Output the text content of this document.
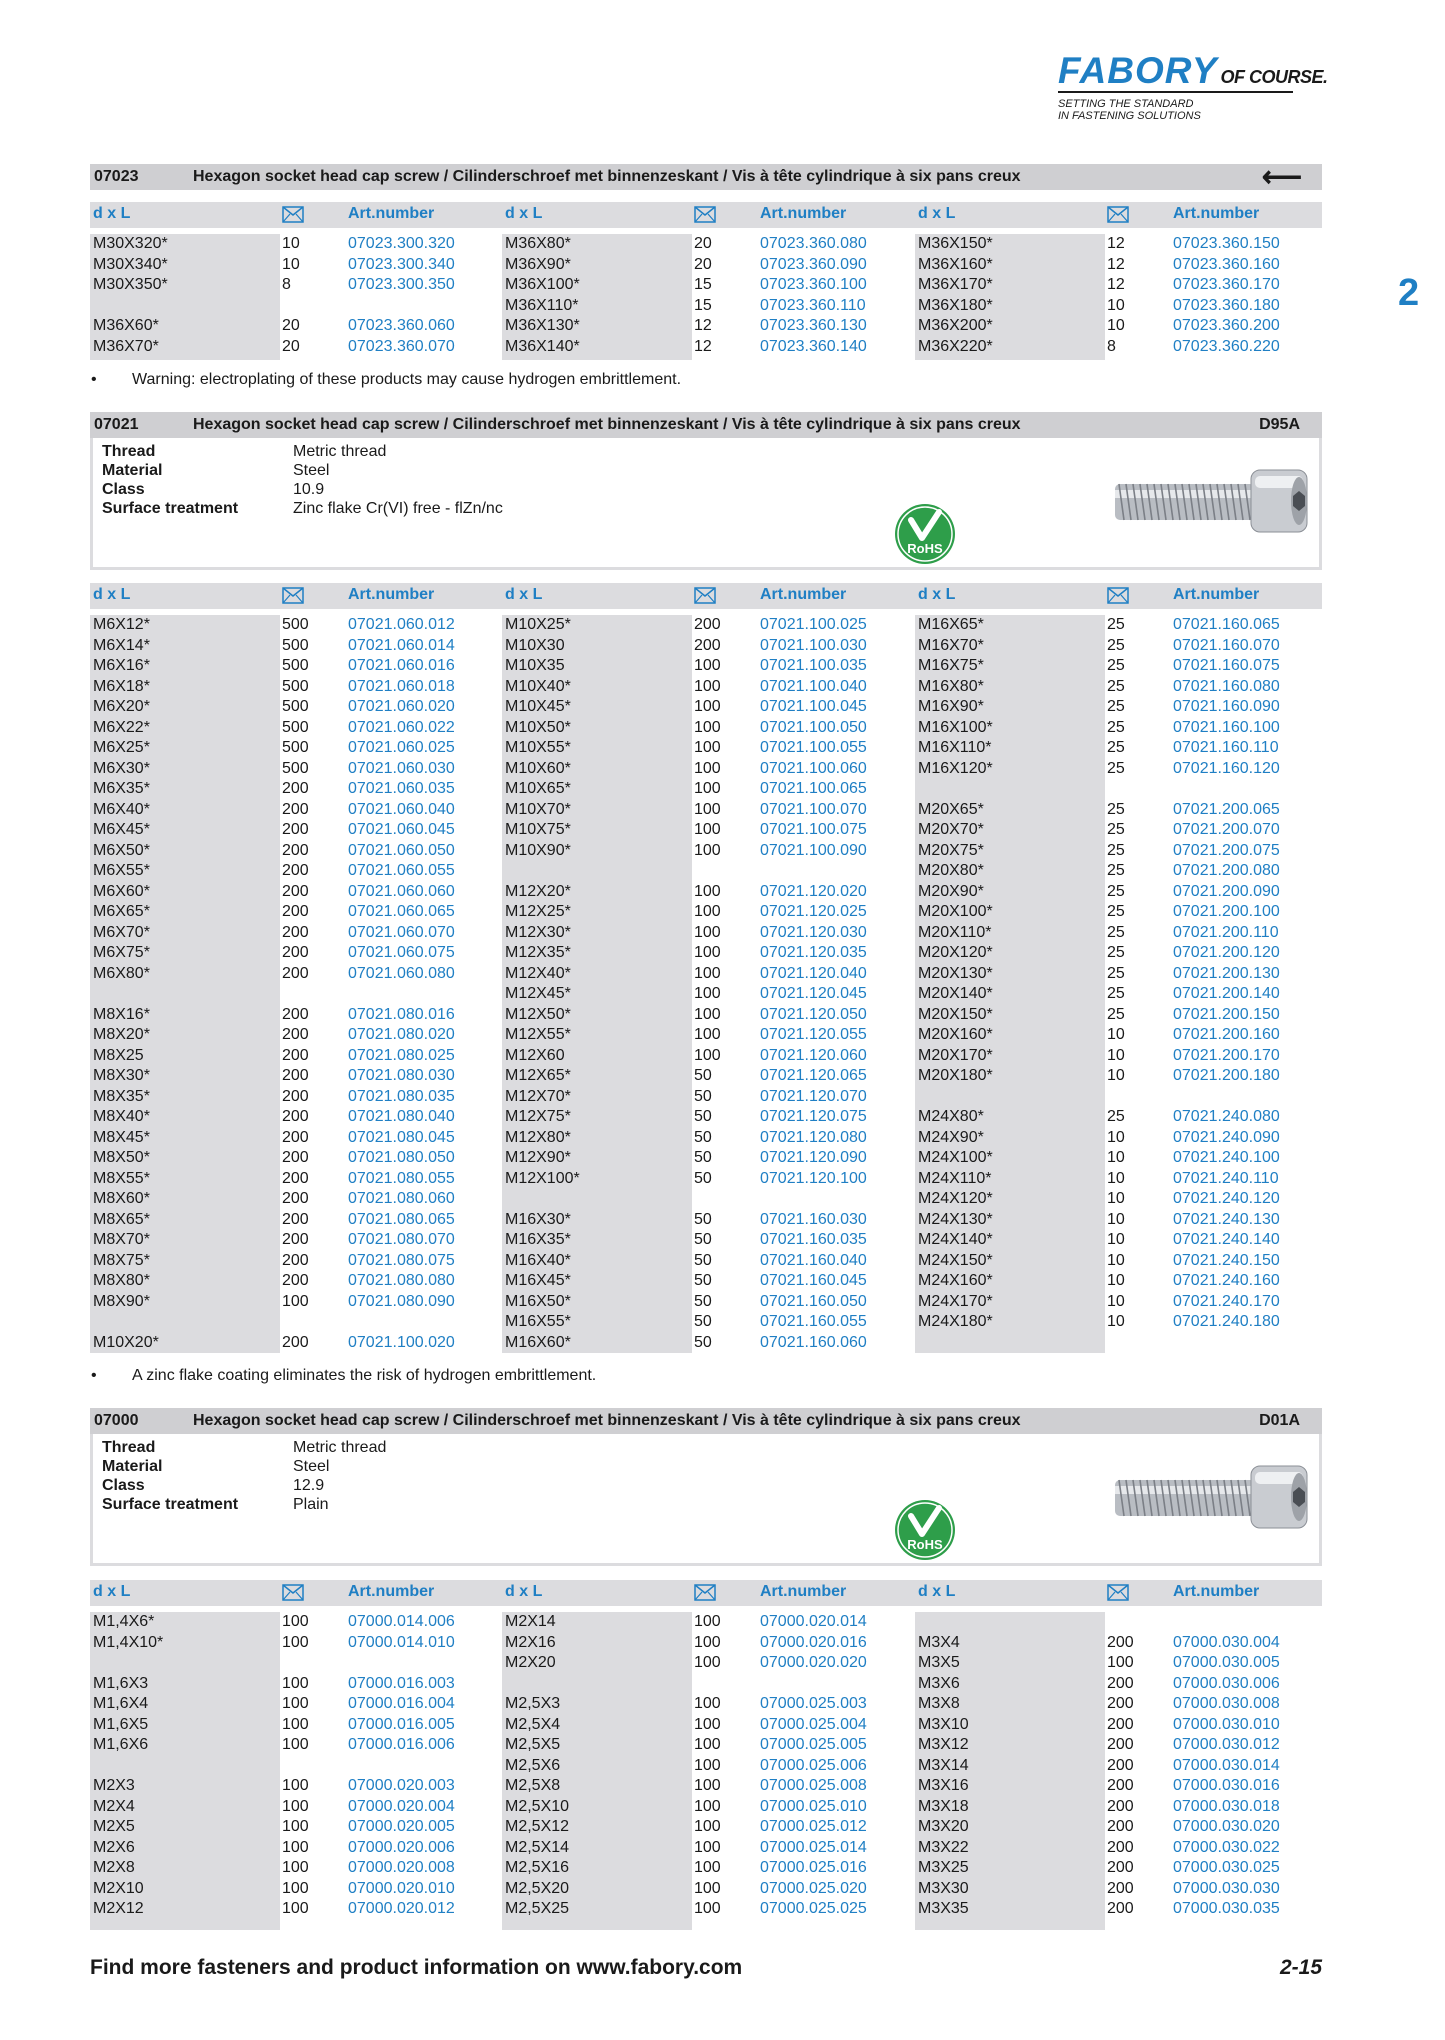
FABORY OF COURSE.
SETTING THE STANDARD
IN FASTENING SOLUTIONS
2
07023	Hexagon socket head cap screw / Cilinderschroef met binnenzeskant / Vis à tête cylindrique à six pans creux	⟵
d x L	Art.number	d x L	Art.number	d x L	Art.number
M30X320*	10	07023.300.320
M30X340*	10	07023.300.340
M30X350*	8	07023.300.350
M36X60*	20	07023.360.060
M36X70*	20	07023.360.070
M36X80*	20	07023.360.080
M36X90*	20	07023.360.090
M36X100*	15	07023.360.100
M36X110*	15	07023.360.110
M36X130*	12	07023.360.130
M36X140*	12	07023.360.140
M36X150*	12	07023.360.150
M36X160*	12	07023.360.160
M36X170*	12	07023.360.170
M36X180*	10	07023.360.180
M36X200*	10	07023.360.200
M36X220*	8	07023.360.220
• Warning: electroplating of these products may cause hydrogen embrittlement.
07021	Hexagon socket head cap screw / Cilinderschroef met binnenzeskant / Vis à tête cylindrique à six pans creux	D95A
Thread	Metric thread
Material	Steel
Class	10.9
Surface treatment	Zinc flake Cr(VI) free - flZn/nc
RoHS
d x L	Art.number	d x L	Art.number	d x L	Art.number
M6X12*	500 07021.060.012
M6X14*	500 07021.060.014
M6X16*	500 07021.060.016
M6X18*	500 07021.060.018
M6X20*	500 07021.060.020
M6X22*	500 07021.060.022
M6X25*	500 07021.060.025
M6X30*	500 07021.060.030
M6X35*	200 07021.060.035
M6X40*	200 07021.060.040
M6X45*	200 07021.060.045
M6X50*	200 07021.060.050
M6X55*	200 07021.060.055
M6X60*	200 07021.060.060
M6X65*	200 07021.060.065
M6X70*	200 07021.060.070
M6X75*	200 07021.060.075
M6X80*	200 07021.060.080
M8X16*	200 07021.080.016
M8X20*	200 07021.080.020
M8X25	200 07021.080.025
M8X30*	200 07021.080.030
M8X35*	200 07021.080.035
M8X40*	200 07021.080.040
M8X45*	200 07021.080.045
M8X50*	200 07021.080.050
M8X55*	200 07021.080.055
M8X60*	200 07021.080.060
M8X65*	200 07021.080.065
M8X70*	200 07021.080.070
M8X75*	200 07021.080.075
M8X80*	200 07021.080.080
M8X90*	100 07021.080.090
M10X20*	200 07021.100.020
M10X25*	200 07021.100.025
M10X30	200 07021.100.030
M10X35	100 07021.100.035
M10X40*	100 07021.100.040
M10X45*	100 07021.100.045
M10X50*	100 07021.100.050
M10X55*	100 07021.100.055
M10X60*	100 07021.100.060
M10X65*	100 07021.100.065
M10X70*	100 07021.100.070
M10X75*	100 07021.100.075
M10X90*	100 07021.100.090
M12X20*	100 07021.120.020
M12X25*	100 07021.120.025
M12X30*	100 07021.120.030
M12X35*	100 07021.120.035
M12X40*	100 07021.120.040
M12X45*	100 07021.120.045
M12X50*	100 07021.120.050
M12X55*	100 07021.120.055
M12X60	100 07021.120.060
M12X65*	50	07021.120.065
M12X70*	50	07021.120.070
M12X75*	50	07021.120.075
M12X80*	50	07021.120.080
M12X90*	50	07021.120.090
M12X100*	50	07021.120.100
M16X30*	50	07021.160.030
M16X35*	50	07021.160.035
M16X40*	50	07021.160.040
M16X45*	50	07021.160.045
M16X50*	50	07021.160.050
M16X55*	50	07021.160.055
M16X60*	50	07021.160.060
M16X65*	25	07021.160.065
M16X70*	25	07021.160.070
M16X75*	25	07021.160.075
M16X80*	25	07021.160.080
M16X90*	25	07021.160.090
M16X100*	25	07021.160.100
M16X110*	25	07021.160.110
M16X120*	25	07021.160.120
M20X65*	25	07021.200.065
M20X70*	25	07021.200.070
M20X75*	25	07021.200.075
M20X80*	25	07021.200.080
M20X90*	25	07021.200.090
M20X100*	25	07021.200.100
M20X110*	25	07021.200.110
M20X120*	25	07021.200.120
M20X130*	25	07021.200.130
M20X140*	25	07021.200.140
M20X150*	25	07021.200.150
M20X160*	10	07021.200.160
M20X170*	10	07021.200.170
M20X180*	10	07021.200.180
M24X80*	25	07021.240.080
M24X90*	10	07021.240.090
M24X100*	10	07021.240.100
M24X110*	10	07021.240.110
M24X120*	10	07021.240.120
M24X130*	10	07021.240.130
M24X140*	10	07021.240.140
M24X150*	10	07021.240.150
M24X160*	10	07021.240.160
M24X170*	10	07021.240.170
M24X180*	10	07021.240.180
• A zinc flake coating eliminates the risk of hydrogen embrittlement.
07000	Hexagon socket head cap screw / Cilinderschroef met binnenzeskant / Vis à tête cylindrique à six pans creux	D01A
Thread	Metric thread
Material	Steel
Class	12.9
Surface treatment	Plain
RoHS
d x L	Art.number	d x L	Art.number	d x L	Art.number
M1,4X6*	100 07000.014.006
M1,4X10*	100 07000.014.010
M1,6X3	100 07000.016.003
M1,6X4	100 07000.016.004
M1,6X5	100 07000.016.005
M1,6X6	100 07000.016.006
M2X3	100 07000.020.003
M2X4	100 07000.020.004
M2X5	100 07000.020.005
M2X6	100 07000.020.006
M2X8	100 07000.020.008
M2X10	100 07000.020.010
M2X12	100 07000.020.012
M2X14	100 07000.020.014
M2X16	100 07000.020.016
M2X20	100 07000.020.020
M2,5X3	100 07000.025.003
M2,5X4	100 07000.025.004
M2,5X5	100 07000.025.005
M2,5X6	100 07000.025.006
M2,5X8	100 07000.025.008
M2,5X10	100 07000.025.010
M2,5X12	100 07000.025.012
M2,5X14	100 07000.025.014
M2,5X16	100 07000.025.016
M2,5X20	100 07000.025.020
M2,5X25	100 07000.025.025
M3X4	200 07000.030.004
M3X5	100 07000.030.005
M3X6	200 07000.030.006
M3X8	200 07000.030.008
M3X10	200 07000.030.010
M3X12	200 07000.030.012
M3X14	200 07000.030.014
M3X16	200 07000.030.016
M3X18	200 07000.030.018
M3X20	200 07000.030.020
M3X22	200 07000.030.022
M3X25	200 07000.030.025
M3X30	200 07000.030.030
M3X35	200 07000.030.035
Find more fasteners and product information on www.fabory.com	2-15
